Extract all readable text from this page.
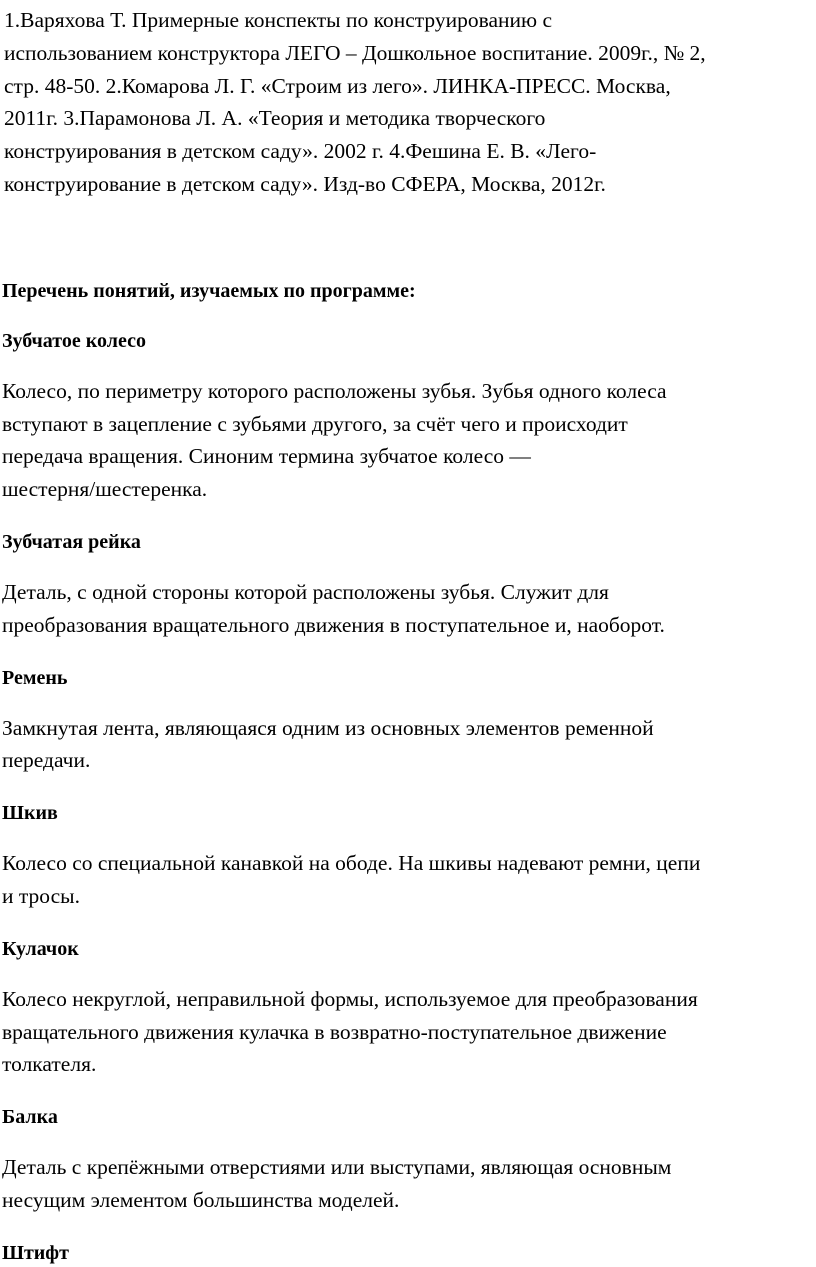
1.Варяхова Т. Примерные конспекты по конструированию с
использованием конструктора ЛЕГО – Дошкольное воспитание. 2009г., № 2,
стр. 48-50. 2.Комарова Л. Г. «Строим из лего». ЛИНКА-ПРЕСС. Москва,
2011г. 3.Парамонова Л. А. «Теория и методика творческого
конструирования в детском саду». 2002 г. 4.Фешина Е. В. «Лего-
конструирование в детском саду». Изд-во СФЕРА, Москва, 2012г.

Перечень понятий, изучаемых по программе:

Зубчатое колесо

Колесо, по периметру которого расположены зубья. Зубья одного колеса
вступают в зацепление с зубьями другого, за счёт чего и происходит
передача вращения. Синоним термина зубчатое колесо —
шестерня/шестеренка.

Зубчатая рейка

Деталь, с одной стороны которой расположены зубья. Служит для
преобразования вращательного движения в поступательное и, наоборот.

Ремень

Замкнутая лента, являющаяся одним из основных элементов ременной
передачи.

Шкив

Колесо со специальной канавкой на ободе. На шкивы надевают ремни, цепи
и тросы.

Кулачок

Колесо некруглой, неправильной формы, используемое для преобразования
вращательного движения кулачка в возвратно-поступательное движение
толкателя.

Балка

Деталь с крепёжными отверстиями или выступами, являющая основным
несущим элементом большинства моделей.

Штифт
